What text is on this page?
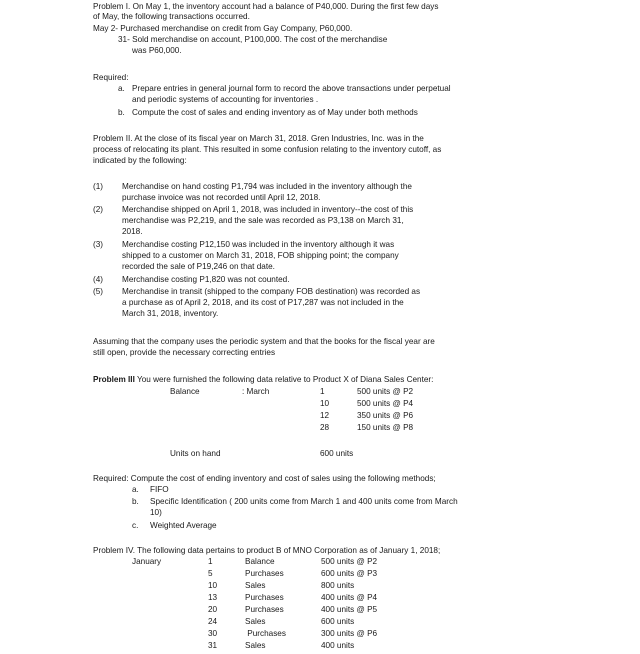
Problem I. On May 1, the inventory account had a balance of P40,000. During the first few days
of May, the following transactions occurred.
May 2- Purchased merchandise on credit from Gay Company, P60,000.
31- Sold merchandise on account, P100,000. The cost of the merchandise
was P60,000.
Required:
a. Prepare entries in general journal form to record the above transactions under perpetual
and periodic systems of accounting for inventories .
b. Compute the cost of sales and ending inventory as of May under both methods
Problem II. At the close of its fiscal year on March 31, 2018. Gren Industries, Inc. was in the
process of relocating its plant. This resulted in some confusion relating to the inventory cutoff, as
indicated by the following:
(1) Merchandise on hand costing P1,794 was included in the inventory although the
purchase invoice was not recorded until April 12, 2018.
(2) Merchandise shipped on April 1, 2018, was included in inventory--the cost of this
merchandise was P2,219, and the sale was recorded as P3,138 on March 31,
2018.
(3) Merchandise costing P12,150 was included in the inventory although it was
shipped to a customer on March 31, 2018, FOB shipping point; the company
recorded the sale of P19,246 on that date.
(4) Merchandise costing P1,820 was not counted.
(5) Merchandise in transit (shipped to the company FOB destination) was recorded as
a purchase as of April 2, 2018, and its cost of P17,287 was not included in the
March 31, 2018, inventory.
Assuming that the company uses the periodic system and that the books for the fiscal year are
still open, provide the necessary correcting entries
Problem III You were furnished the following data relative to Product X of Diana Sales Center:
Balance	: March	1	500 units @ P2
10	500 units @ P4
12	350 units @ P6
28	150 units @ P8
Units on hand	600 units
Required: Compute the cost of ending inventory and cost of sales using the following methods;
a. FIFO
b. Specific Identification ( 200 units come from March 1 and 400 units come from March
10)
c. Weighted Average
Problem IV. The following data pertains to product B of MNO Corporation as of January 1, 2018;
January	1	Balance	500 units @ P2
5	Purchases	600 units @ P3
10	Sales	800 units
13	Purchases	400 units @ P4
20	Purchases	400 units @ P5
24	Sales	600 units
30	Purchases	300 units @ P6
31	Sales	400 units
